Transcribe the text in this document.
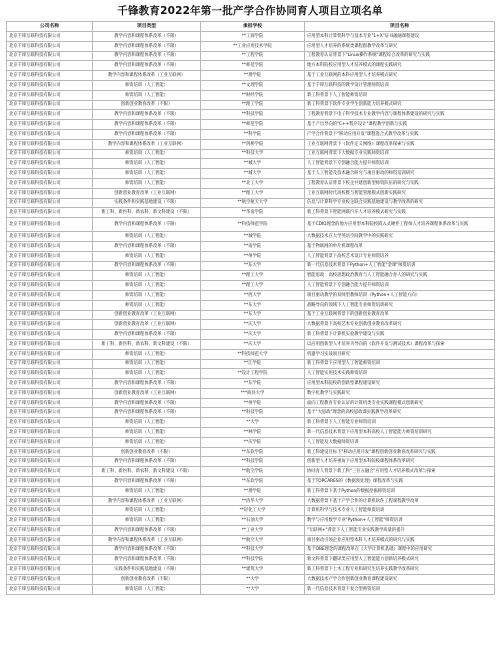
千锋教育2022年第一批产学合作协同育人项目立项名单
公司名称	项目类型	承担学校	项目名称
北京千锋互联科技有限公司	教学内容和课程体系改革（不限）	**工商学院	应用型本科计算机科学与技术专业"1+X"证书融通课程建设
北京千锋互联科技有限公司	教学内容和课程体系改革（不限）	**工业应用技术学院	应用型人才培养的系统类课程群教学改革与研究
北京千锋互联科技有限公司	教学内容和课程体系改革（不限）	**工程学院	工程教育认证背景下"Linux操作系统"课程综合改革的研究与实践
北京千锋互联科技有限公司	教学内容和课程体系改革（不限）	**师范学院	地方本科院校应用型人才培养模式的课程实践研究
北京千锋互联科技有限公司	教学内容和课程体系改革（工业互联网）	**理学院	基于工业互联网的本科应用型人才培养模式研究
北京千锋互联科技有限公司	师资培训（人工智能）	**文理学院	基于千锋互联科技的教学设计管理师资培训
北京千锋互联科技有限公司	师资培训（人工智能）	**财经学院	新工科背景下人工智能师资培训
北京千锋互联科技有限公司	创新创业教育改革（不限）	**理工学院	新工科背景下软件专业学生创新能力培养模式研究
北京千锋互联科技有限公司	教学内容和课程体系改革（不限）	**科技学院	工程教育背景下电子科学技术专业教学内容与课程体系建设的研究与实践
北京千锋互联科技有限公司	教学内容和课程体系改革（不限）	**师范学院	基于产出导向的"C++程序设计"课程教学创新与实践
北京千锋互联科技有限公司	教学内容和课程体系改革（不限）	**科学院	产学合作背景下"移动应用开发"课程混合式教学改革与实践
北京千锋互联科技有限公司	教学内容和课程体系改革（工业互联网）	**剑桥学院	工业互联网背景下《软件定义网络》课程改革探索与实践
北京千锋互联科技有限公司	师资培训（人工智能）	**科技大学	工业互联网背景下大数据专业实践师资培训
北京千锋互联科技有限公司	师资培训（人工智能）	**城大学	人工智能背景下专创融合能力提升师资培训
北京千锋互联科技有限公司	师资培训（人工智能）	**城大学	基于人工智能及技术融合研究与项目驱动的师资培训研究
北京千锋互联科技有限公司	师资培训（人工智能）	**北工大学	工程教育认证背景下校企共建创新型师资队伍的研究与实践
北京千锋互联科技有限公司	创新创业教育改革（工业互联网）	**理工大学	工业互联网时代高校暨与智能管理模式创新实践研究
北京千锋互联科技有限公司	实践条件和实践基地建设（不限）	**航空航天大学	信息与计算科学专业校企联合实践基地建设与教学改革的研究
北京千锋互联科技有限公司	新工科、新医科、新农科、新文科建设（不限）	**华南学院	新工科背景下智能网联汽车人才培养模式研究与实践
北京千锋互联科技有限公司	教学内容和课程体系改革（不限）	**科技师范学院	基于CDIO理念的地方应用型本科院校嵌入式硬件工程师人才培养课程体系改革与实践
北京千锋互联科技有限公司	师资培训（人工智能）	**城学院	大数据技术在大学英语空间教学中的实践研究
北京千锋互联科技有限公司	教学内容和课程体系改革（不限）	**南学院	基于物联网的单片机课程改革
北京千锋互联科技有限公司	师资培训（人工智能）	**州学院	人工智能背景下高校艺术设计专业师资培养
北京千锋互联科技有限公司	教学内容和课程体系改革（不限）	**东大学	新一代信息技术背景下Python+人工智能"金课"师资培训
北京千锋互联科技有限公司	师资培训（人工智能）	**理工大学	智能思政：高校思想政治教育与人工智能融合育人的研究与实践
北京千锋互联科技有限公司	师资培训（人工智能）	**理工大学	人工智能背景下专创融合能力提升师资培训
北京千锋互联科技有限公司	师资培训（人工智能）	**西大学	项目驱动教学的双师型教师培训（Python+人工智能方向）
北京千锋互联科技有限公司	师资培训（人工智能）	**东大学	战略导向的领域下人工智能专业师资培训研究
北京千锋互联科技有限公司	创新创业教育改革（工业互联网）	**东大学	基于工业互联网背景下的创新创业教育改革
北京千锋互联科技有限公司	创新创业教育改革（工业互联网）	**庆大学	大数据背景下高校艺术专业创新创业教育改革研究
北京千锋互联科技有限公司	教学内容和课程体系改革（不限）	**庆大学	新工科背景下计算机实验教学建设与实践
北京千锋互联科技有限公司	新工科、新医科、新农科、新文科建设（不限）	**庆大学	以应用创新型人才培养为导向的《软件开发与测试技术》课程改革与探索
北京千锋互联科技有限公司	师资培训（人工智能）	**科技师范大学	机器学习实战项目研究
北京千锋互联科技有限公司	师资培训（人工智能）	**江学院	新工科背景下应用型人工智能师资培训
北京千锋互联科技有限公司	师资培训（人工智能）	**设计工程学院	人工智能实用技术实践师资培训
北京千锋互联科技有限公司	教学内容和课程体系改革（不限）	**东学院	应用型本科院校的创新型课程建设研究
北京千锋互联科技有限公司	创新创业教育改革（工业互联网）	***商县大学	数字化教学与实践研究
北京千锋互联科技有限公司	教学内容和课程体系改革（不限）	**州学院	面向工程教育专业认证的计算机类专业实践课程模式创新研究
北京千锋互联科技有限公司	教学内容和课程体系改革（不限）	**科技学院	基于"大思政"理念的高校思政课实践教学改革研究
北京千锋互联科技有限公司	师资培训（人工智能）	**大学	新工科背景下人工智能专业师资培训
北京千锋互联科技有限公司	师资培训（人工智能）	**林学院	新一代信息技术背景下应用型本科高校人工智能能力师资培训研究
北京千锋互联科技有限公司	师资培训（人工智能）	**庆学院	人工智能及大数据师资培训
北京千锋互联科技有限公司	创新创业教育改革（不限）	**东软学院	新工科建设目标下"移动应用开发"课程创新创业教育改革研究与实践
北京千锋互联科技有限公司	教学内容和课程体系改革（不限）	**科技学院	创新型人才培养视角下应用型本科院校课程体系改革研究
北京千锋互联科技有限公司	新工科、新医科、新农科、新文科建设（不限）	**航空学院	协同育人背景下新工科"三位五融合"应用型人才培养模式改革与探索
北京千锋互联科技有限公司	教学内容和课程体系改革（不限）	**东软学院	基于TOPCARES的《数据预处理》课程改革与实践
北京千锋互联科技有限公司	师资培训（人工智能）	**理学院	新工科背景下基于Python的数据挖掘师资培训
北京千锋互联科技有限公司	教学内容和课程体系改革（工业互联网）	**清华大学	大数据背景下基于产学合作的计算机软件工程课程教学改革
北京千锋互联科技有限公司	师资培训（人工智能）	**轻化工大学	计算机科学与技术专业人工智能师资培训
北京千锋互联科技有限公司	师资培训（人工智能）	**石油大学	数学与应用数学专业"Python+人工智能"师资培训
北京千锋互联科技有限公司	教学内容和课程体系改革（不限）	**工业大学	"互联网+"背景下人工智能专业实践教学质量的提升
北京千锋互联科技有限公司	教学内容和课程体系改革（工业互联网）	**航空大学	项目驱动引领企业应用型本科人才培养模式的研究与实践
北京千锋互联科技有限公司	教学内容和课程体系改革（不限）	**科技大学	基于OBE理念的课程改革在《大学计算机基础》课程中的应用研究
北京千锋互联科技有限公司	教学内容和课程体系改革（不限）	**科技学院	新文科背景下翻译类应用型人工智能能力创新培养模式研究
北京千锋互联科技有限公司	实践条件和实践基地建设（不限）	**建筑大学	新工科背景下土木工程专业和研究生培养实践教学改革研究
北京千锋互联科技有限公司	创新创业教育改革（不限）	**大学	大数据技术产学合作创新创业教育课程建设研究
北京千锋互联科技有限公司	师资培训（人工智能）	**大学	新一代信息技术背景下复合型师资培训
